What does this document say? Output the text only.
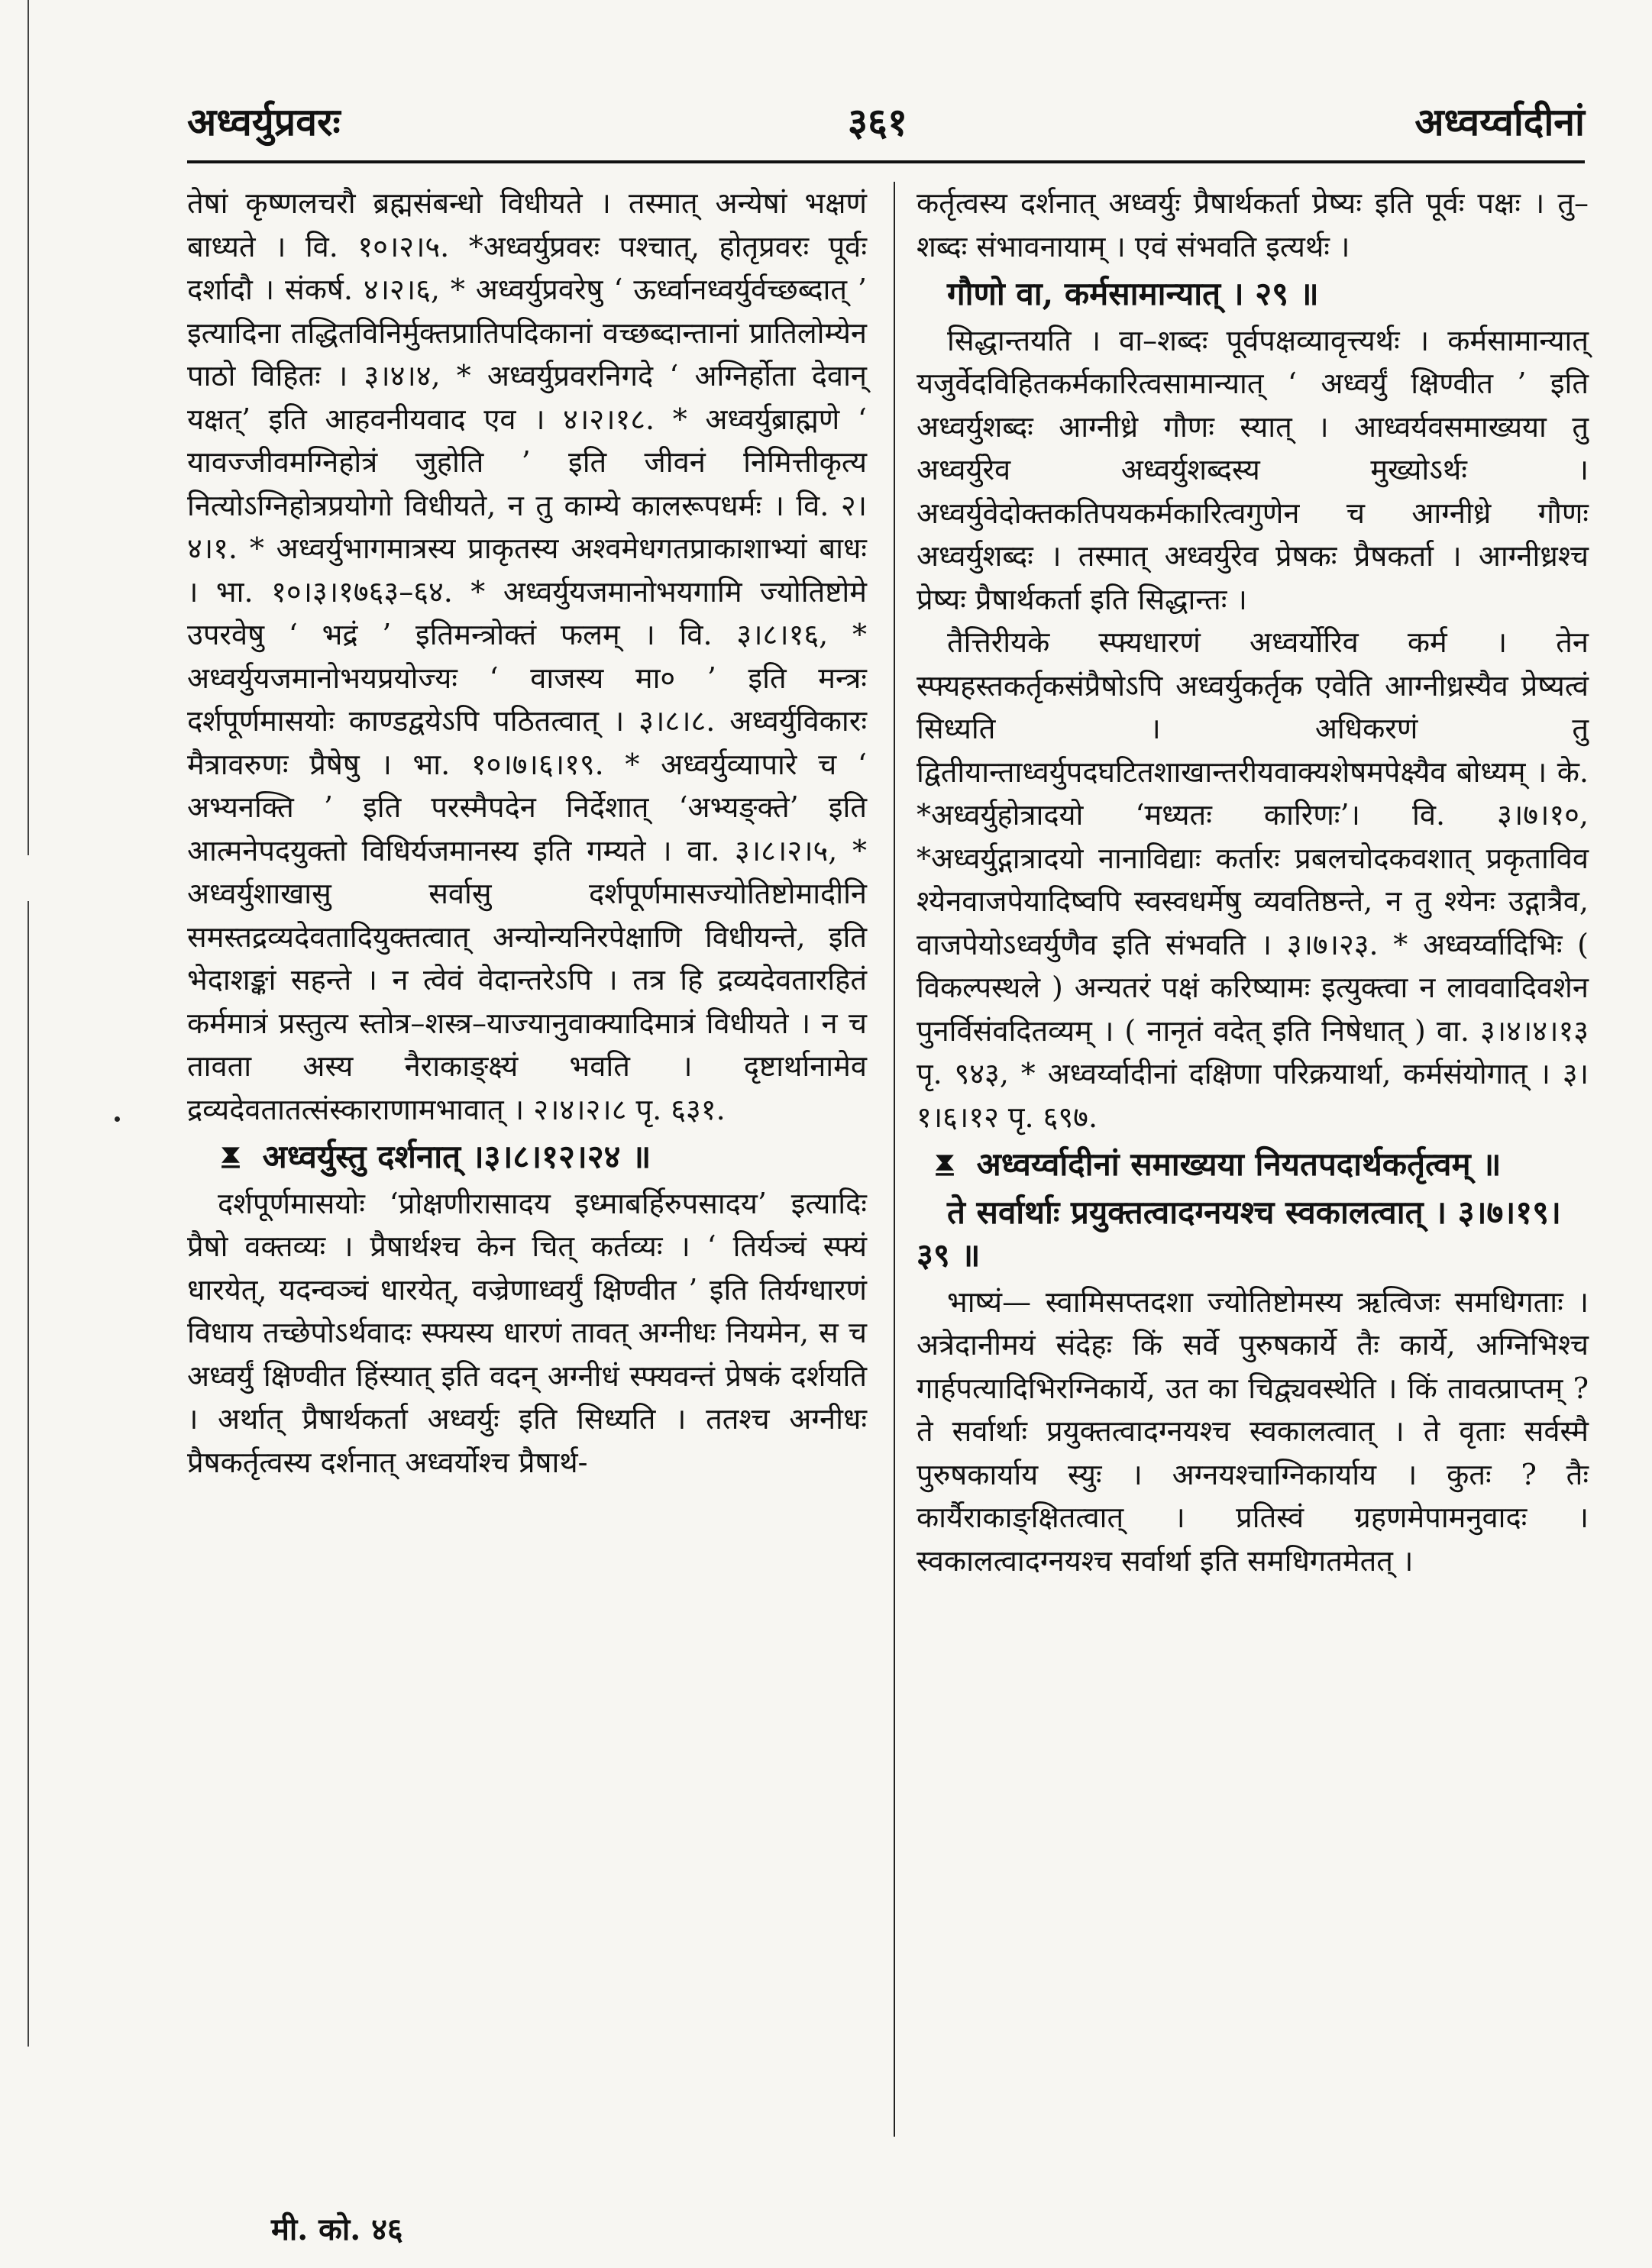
अध्वर्युप्रवरः	३६१	अध्वर्य्वादीनां

तेषां कृष्णलचरौ ब्रह्मसंबन्धो विधीयते । तस्मात् अन्येषां भक्षणं बाध्यते । वि. १०।२।५. *अध्वर्युप्रवरः पश्चात्, होतृप्रवरः पूर्वः दर्शादौ । संकर्ष. ४।२।६, * अध्वर्युप्रवरेषु ‘ ऊर्ध्वानध्वर्युर्वच्छब्दात् ’ इत्यादिना तद्धितविनिर्मुक्तप्रातिपदिकानां वच्छब्दान्तानां प्रातिलोम्येन पाठो विहितः । ३।४।४, * अध्वर्युप्रवरनिगदे ‘ अग्निर्होता देवान् यक्षत्’ इति आहवनीयवाद एव । ४।२।१८. * अध्वर्युब्राह्मणे ‘ यावज्जीवमग्निहोत्रं जुहोति ’ इति जीवनं निमित्तीकृत्य नित्योऽग्निहोत्रप्रयोगो विधीयते, न तु काम्ये कालरूपधर्मः । वि. २।४।१. * अध्वर्युभागमात्रस्य प्राकृतस्य अश्वमेधगतप्राकाशाभ्यां बाधः । भा. १०।३।१७६३–६४. * अध्वर्युयजमानोभयगामि ज्योतिष्टोमे उपरवेषु ‘ भद्रं ’ इतिमन्त्रोक्तं फलम् । वि. ३।८।१६, * अध्वर्युयजमानोभयप्रयोज्यः ‘ वाजस्य मा० ’ इति मन्त्रः दर्शपूर्णमासयोः काण्डद्वयेऽपि पठितत्वात् । ३।८।८. अध्वर्युविकारः मैत्रावरुणः प्रैषेषु । भा. १०।७।६।१९. * अध्वर्युव्यापारे च ‘ अभ्यनक्ति ’ इति परस्मैपदेन निर्देशात् ‘अभ्यङ्क्ते’ इति आत्मनेपदयुक्तो विधिर्यजमानस्य इति गम्यते । वा. ३।८।२।५, * अध्वर्युशाखासु सर्वासु दर्शपूर्णमासज्योतिष्टोमादीनि समस्तद्रव्यदेवतादियुक्तत्वात् अन्योन्यनिरपेक्षाणि विधीयन्ते, इति भेदाशङ्कां सहन्ते । न त्वेवं वेदान्तरेऽपि । तत्र हि द्रव्यदेवतारहितं कर्ममात्रं प्रस्तुत्य स्तोत्र–शस्त्र–याज्यानुवाक्यादिमात्रं विधीयते । न च तावता अस्य नैराकाङ्क्ष्यं भवति । दृष्टार्थानामेव द्रव्यदेवतातत्संस्काराणामभावात् । २।४।२।८ पृ. ६३१.

अध्वर्युस्तु दर्शनात् ।३।८।१२।२४ ॥

दर्शपूर्णमासयोः ‘प्रोक्षणीरासादय इध्माबर्हिरुपसादय’ इत्यादिः प्रैषो वक्तव्यः । प्रैषार्थश्च केन चित् कर्तव्यः । ‘ तिर्यञ्चं स्फ्यं धारयेत्, यदन्वञ्चं धारयेत्, वज्रेणाध्वर्युं क्षिण्वीत ’ इति तिर्यग्धारणं विधाय तच्छेपोऽर्थवादः स्फ्यस्य धारणं तावत् अग्नीधः नियमेन, स च अध्वर्युं क्षिण्वीत हिंस्यात् इति वदन् अग्नीधं स्फ्यवन्तं प्रेषकं दर्शयति । अर्थात् प्रैषार्थकर्ता अध्वर्युः इति सिध्यति । ततश्च अग्नीधः प्रैषकर्तृत्वस्य दर्शनात् अध्वर्योश्च प्रैषार्थ-

कर्तृत्वस्य दर्शनात् अध्वर्युः प्रैषार्थकर्ता प्रेष्यः इति पूर्वः पक्षः । तु–शब्दः संभावनायाम् । एवं संभवति इत्यर्थः ।

गौणो वा, कर्मसामान्यात् । २९ ॥

सिद्धान्तयति । वा–शब्दः पूर्वपक्षव्यावृत्त्यर्थः । कर्मसामान्यात् यजुर्वेदविहितकर्मकारित्वसामान्यात् ‘ अध्वर्युं क्षिण्वीत ’ इति अध्वर्युशब्दः आग्नीध्रे गौणः स्यात् । आध्वर्यवसमाख्यया तु अध्वर्युरेव अध्वर्युशब्दस्य मुख्योऽर्थः । अध्वर्युवेदोक्तकतिपयकर्मकारित्वगुणेन च आग्नीध्रे गौणः अध्वर्युशब्दः । तस्मात् अध्वर्युरेव प्रेषकः प्रैषकर्ता । आग्नीध्रश्च प्रेष्यः प्रैषार्थकर्ता इति सिद्धान्तः ।

तैत्तिरीयके स्फ्यधारणं अध्वर्योरिव कर्म । तेन स्फ्यहस्तकर्तृकसंप्रैषोऽपि अध्वर्युकर्तृक एवेति आग्नीध्रस्यैव प्रेष्यत्वं सिध्यति । अधिकरणं तु द्वितीयान्ताध्वर्युपदघटितशाखान्तरीयवाक्यशेषमपेक्ष्यैव बोध्यम् । के. *अध्वर्युहोत्रादयो ‘मध्यतः कारिणः’। वि. ३।७।१०, *अध्वर्युद्गात्रादयो नानाविद्याः कर्तारः प्रबलचोदकवशात् प्रकृताविव श्येनवाजपेयादिष्वपि स्वस्वधर्मेषु व्यवतिष्ठन्ते, न तु श्येनः उद्गात्रैव, वाजपेयोऽध्वर्युणैव इति संभवति । ३।७।२३. * अध्वर्य्वादिभिः ( विकल्पस्थले ) अन्यतरं पक्षं करिष्यामः इत्युक्त्वा न लाववादिवशेन पुनर्विसंवदितव्यम् । ( नानृतं वदेत् इति निषेधात् ) वा. ३।४।४।१३ पृ. ९४३, * अध्वर्य्वादीनां दक्षिणा परिक्रयार्था, कर्मसंयोगात् । ३।१।६।१२ पृ. ६९७.

अध्वर्य्वादीनां समाख्यया नियतपदार्थकर्तृत्वम् ॥
ते सर्वार्थाः प्रयुक्तत्वादग्नयश्च स्वकालत्वात् । ३।७।१९।३९ ॥

भाष्यं— स्वामिसप्तदशा ज्योतिष्टोमस्य ऋत्विजः समधिगताः । अत्रेदानीमयं संदेहः किं सर्वे पुरुषकार्ये तैः कार्ये, अग्निभिश्च गार्हपत्यादिभिरग्निकार्ये, उत का चिद्व्यवस्थेति । किं तावत्प्राप्तम् ? ते सर्वार्थाः प्रयुक्तत्वादग्नयश्च स्वकालत्वात् । ते वृताः सर्वस्मै पुरुषकार्याय स्युः । अग्नयश्चाग्निकार्याय । कुतः ? तैः कार्यैराकाङ्क्षितत्वात् । प्रतिस्वं ग्रहणमेपामनुवादः । स्वकालत्वादग्नयश्च सर्वार्था इति समधिगतमेतत् ।

मी. को. ४६
